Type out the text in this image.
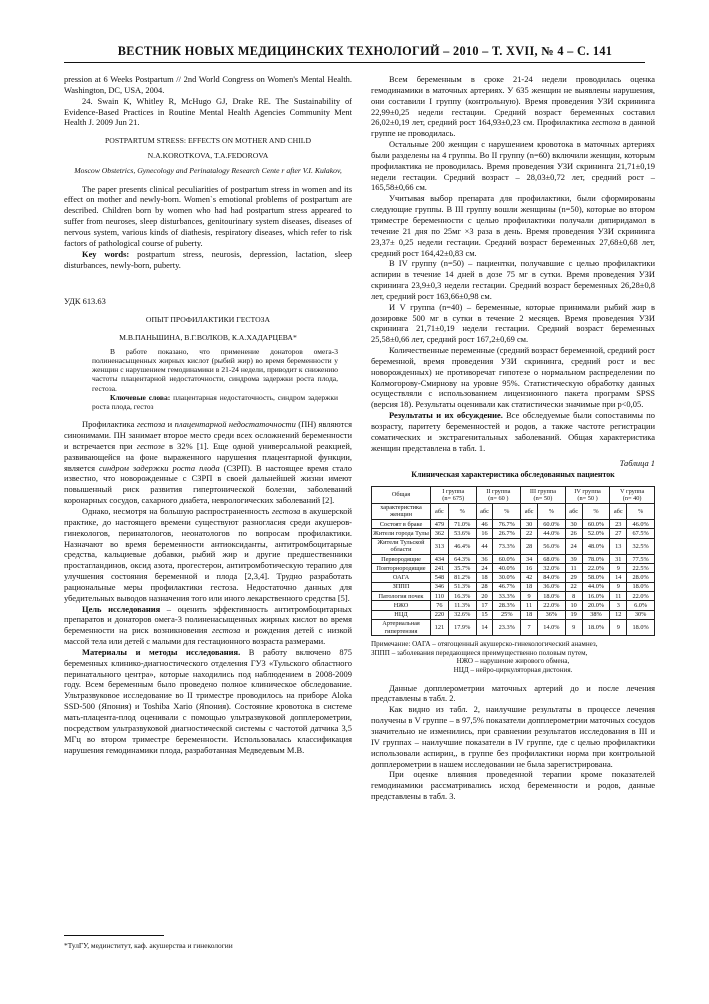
ВЕСТНИК НОВЫХ МЕДИЦИНСКИХ ТЕХНОЛОГИЙ – 2010 – Т. XVII, № 4 – С. 141

pression at 6 Weeks Postpartum // 2nd World Congress on Women's Mental Health. Washington, DC, USA, 2004.

24. Swain K, Whitley R, McHugo GJ, Drake RE. The Sustainability of Evidence-Based Practices in Routine Mental Health Agencies Community Ment Health J. 2009 Jun 21.

POSTPARTUM STRESS: EFFECTS ON MOTHER AND CHILD

N.A.KOROTKOVA, T.A.FEDOROVA

Moscow Obstetrics, Gynecology and Perinatalogy Research Cente r after V.I. Kulakov,

The paper presents clinical peculiarities of postpartum stress in women and its effect on mother and newly-born. Women`s emotional problems of postpartum are described. Children born by women who had had postpartum stress appeared to suffer from neuroses, sleep disturbances, genitourinary system diseases, diseases of nervous system, various kinds of diathesis, respiratory diseases, which refer to risk factors of pathological course of puberty.

Key words: postpartum stress, neurosis, depression, lactation, sleep disturbances, newly-born, puberty.

УДК 613.63

ОПЫТ ПРОФИЛАКТИКИ ГЕСТОЗА

М.В.ПАНЬШИНА, В.Г.ВОЛКОВ, К.А.ХАДАРЦЕВА*

В работе показано, что применение донаторов омега-3 полиненасыщенных жирных кислот (рыбий жир) во время беременности у женщин с нарушением гемодинамики в 21-24 недели, приводит к снижению частоты плацентарной недостаточности, синдрома задержки роста плода, гестоза.

Ключевые слова: плацентарная недостаточность, синдром задержки роста плода, гестоз

Профилактика гестоза и плацентарной недостаточности (ПН) являются синонимами. ПН занимает второе место среди всех осложнений беременности и встречается при гестозе в 32% [1]. Еще одной универсальной реакцией, развивающейся на фоне выраженного нарушения плацентарной функции, является синдром задержки роста плода (СЗРП). В настоящее время стало известно, что новорожденные с СЗРП в своей дальнейшей жизни имеют повышенный риск развития гипертонической болезни, заболеваний коронарных сосудов, сахарного диабета, неврологических заболеваний [2].

Однако, несмотря на большую распространенность гестоза в акушерской практике, до настоящего времени существуют разногласия среди акушеров-гинекологов, перинатологов, неонатологов по вопросам профилактики. Назначают во время беременности антиоксиданты, антитромбоцитарные средства, кальциевые добавки, рыбий жир и другие предшественники простагландинов, оксид азота, прогестерон, антитромботическую терапию для улучшения состояния беременной и плода [2,3,4]. Трудно разработать рациональные меры профилактики гестоза. Недостаточно данных для убедительных выводов назначения того или иного лекарственного средства [5].

Цель исследования – оценить эффективность антитромбоцитарных препаратов и донаторов омега-3 полиненасыщенных жирных кислот во время беременности на риск возникновения гестоза и рождения детей с низкой массой тела или детей с малыми для гестационного возраста размерами.

Материалы и методы исследования. В работу включено 875 беременных клинико-диагностического отделения ГУЗ «Тульского областного перинатального центра», которые находились под наблюдением в 2008-2009 году. Всем беременным было проведено полное клиническое обследование. Ультразвуковое исследование во II триместре проводилось на приборе Aloka SSD-500 (Япония) и Toshiba Xario (Япония). Состояние кровотока в системе мать-плацента-плод оценивали с помощью ультразвуковой допплерометрии, посредством ультразвуковой диагностической системы с частотой датчика 3,5 МГц во втором триместре беременности. Использовалась классификация нарушения гемодинамики плода, разработанная Медведевым М.В.

*ТулГУ, мединститут, каф. акушерства и гинекологии

Всем беременным в сроке 21-24 недели проводилась оценка гемодинамики в маточных артериях. У 635 женщин не выявлены нарушения, они составили I группу (контрольную). Время проведения УЗИ скрининга 22,99±0,25 недели гестации. Средний возраст беременных составил 26,02±0,19 лет, средний рост 164,93±0,23 см. Профилактика гестоза в данной группе не проводилась.

Остальные 200 женщин с нарушением кровотока в маточных артериях были разделены на 4 группы. Во II группу (n=60) включили женщин, которым профилактика не проводилась. Время проведения УЗИ скрининга 21,71±0,19 недели гестации. Средний возраст – 28,03±0,72 лет, средний рост – 165,58±0,66 см.

Учитывая выбор препарата для профилактики, были сформированы следующие группы. В III группу вошли женщины (n=50), которые во втором триместре беременности с целью профилактики получали дипиридамол в течение 21 дня по 25мг ×3 раза в день. Время проведения УЗИ скрининга 23,37± 0,25 недели гестации. Средний возраст беременных 27,68±0,68 лет, средний рост 164,42±0,83 см.

В IV группу (n=50) – пациентки, получавшие с целью профилактики аспирин в течение 14 дней в дозе 75 мг в сутки. Время проведения УЗИ скрининга 23,9±0,3 недели гестации. Средний возраст беременных 26,28±0,8 лет, средний рост 163,66±0,98 см.

И V группа (n=40) – беременные, которые принимали рыбий жир в дозировке 500 мг в сутки в течение 2 месяцев. Время проведения УЗИ скрининга 21,71±0,19 недели гестации. Средний возраст беременных 25,58±0,66 лет, средний рост 167,2±0,69 см.

Количественные переменные (средний возраст беременной, средний рост беременной, время проведения УЗИ скрининга, средний рост и вес новорожденных) не противоречат гипотезе о нормальном распределении по Колмогорову-Смирнову на уровне 95%. Статистическую обработку данных осуществляли с использованием лицензионного пакета программ SPSS (версия 18). Результаты оценивали как статистически значимые при p<0,05.

Результаты и их обсуждение. Все обследуемые были сопоставимы по возрасту, паритету беременностей и родов, а также частоте регистрации соматических и экстрагенитальных заболеваний. Общая характеристика женщин представлена в табл. 1.

Таблица 1

Клиническая характеристика обследованных пациенток

Общая	I группа
(n= 675)		II группа
(n= 60 )		III группа
(n= 50)		IV группа
(n= 50 )		V группа
(n= 40)	
характеристика женщин	абс	%	абс	%	абс	%	абс	%	абс	%
Состоят в браке	479	71.0%	46	76.7%	30	60.0%	30	60.0%	23	46.0%
Жители города Тулы	362	53.6%	16	26.7%	22	44.0%	26	52.0%	27	67.5%
Жители Тульской области	313	46.4%	44	73.3%	28	56.0%	24	48.0%	13	32.5%
Первородящие	434	64.3%	36	60.0%	34	68.0%	39	78.0%	31	77.5%
Повторнородящие	241	35.7%	24	40.0%	16	32.0%	11	22.0%	9	22.5%
ОАГА	548	81.2%	18	30.0%	42	84.0%	29	58.0%	14	28.0%
ЗППП	346	51.3%	28	46.7%	18	36.0%	22	44.0%	9	18.0%
Патология почек	110	16.3%	20	33.3%	9	18.0%	8	16.0%	11	22.0%
НЖО	76	11.3%	17	28.3%	11	22.0%	10	20.0%	3	6.0%
НЦД	220	32.6%	15	25%	18	36%	19	38%	12	30%
Артериальная гипертензия	121	17.9%	14	23.3%	7	14.0%	9	18.0%	9	18.0%

Примечание: ОАГА – отягощенный акушерско-гинекологический анамнез,

ЗППП – заболевания передающиеся преимущественно половым путем,

НЖО – нарушение жирового обмена,

НЦД – нейро-циркуляторная дистония.

Данные допплерометрии маточных артерий до и после лечения представлены в табл. 2.

Как видно из табл. 2, наилучшие результаты в процессе лечения получены в V группе – в 97,5% показатели допплерометрии маточных сосудов значительно не изменились, при сравнении результатов исследования в III и IV группах – наилучшие показатели в IV группе, где с целью профилактики использовали аспирин,, в группе без профилактики норма при контрольной допплерометрии в нашем исследовании не была зарегистрирована.

При оценке влияния проведенной терапии кроме показателей гемодинамики рассматривались исход беременности и родов, данные представлены в табл. 3.
